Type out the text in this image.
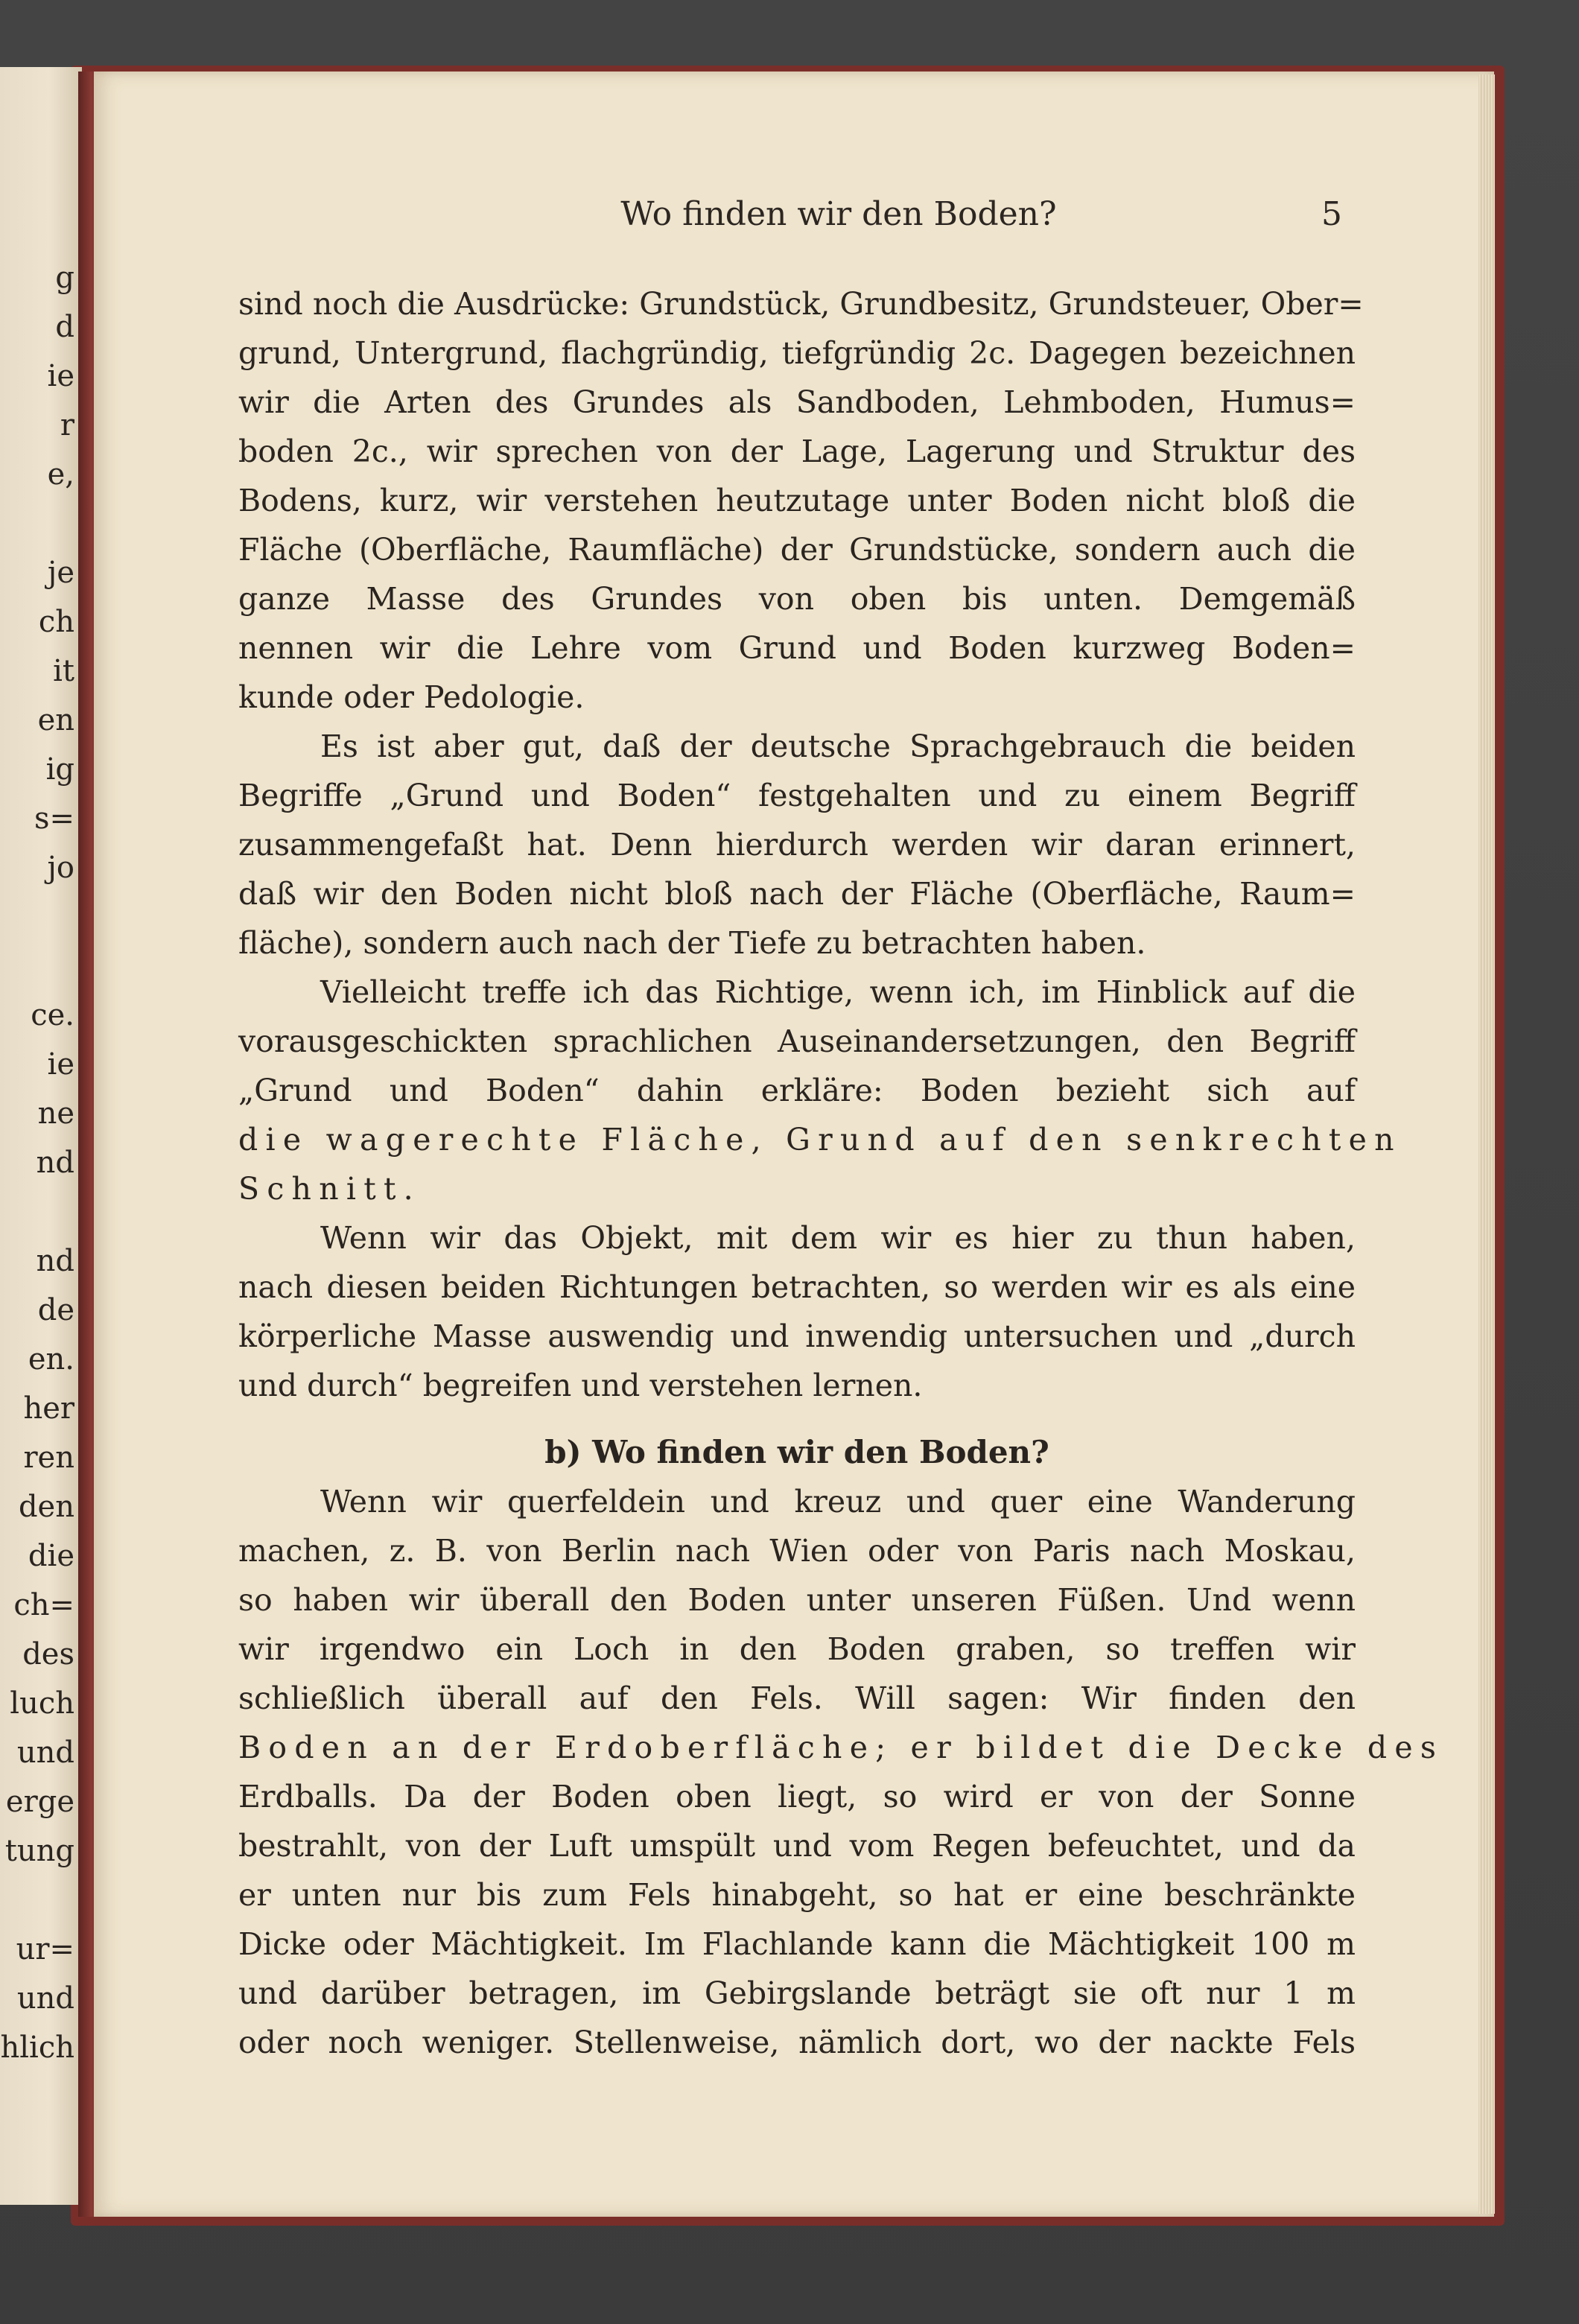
g
d
ie
r
e,
je
ch
it
en
ig
s=
jo
ce.
ie
ne
nd
nd
de
en.
her
ren
den
die
ch=
des
luch
und
erge
tung
ur=
und
hlich
Wo finden wir den Boden?	5
sind noch die Ausdrücke: Grundstück, Grundbesitz, Grundsteuer, Ober=
grund, Untergrund, flachgründig, tiefgründig 2c. Dagegen bezeichnen
wir die Arten des Grundes als Sandboden, Lehmboden, Humus=
boden 2c., wir sprechen von der Lage, Lagerung und Struktur des
Bodens, kurz, wir verstehen heutzutage unter Boden nicht bloß die
Fläche (Oberfläche, Raumfläche) der Grundstücke, sondern auch die
ganze Masse des Grundes von oben bis unten. Demgemäß
nennen wir die Lehre vom Grund und Boden kurzweg Boden=
kunde oder Pedologie.
Es ist aber gut, daß der deutsche Sprachgebrauch die beiden
Begriffe „Grund und Boden“ festgehalten und zu einem Begriff
zusammengefaßt hat. Denn hierdurch werden wir daran erinnert,
daß wir den Boden nicht bloß nach der Fläche (Oberfläche, Raum=
fläche), sondern auch nach der Tiefe zu betrachten haben.
Vielleicht treffe ich das Richtige, wenn ich, im Hinblick auf die
vorausgeschickten sprachlichen Auseinandersetzungen, den Begriff
„Grund und Boden“ dahin erkläre: Boden bezieht sich auf
die wagerechte Fläche, Grund auf den senkrechten
Schnitt.
Wenn wir das Objekt, mit dem wir es hier zu thun haben,
nach diesen beiden Richtungen betrachten, so werden wir es als eine
körperliche Masse auswendig und inwendig untersuchen und „durch
und durch“ begreifen und verstehen lernen.
b) Wo finden wir den Boden?
Wenn wir querfeldein und kreuz und quer eine Wanderung
machen, z. B. von Berlin nach Wien oder von Paris nach Moskau,
so haben wir überall den Boden unter unseren Füßen. Und wenn
wir irgendwo ein Loch in den Boden graben, so treffen wir
schließlich überall auf den Fels. Will sagen: Wir finden den
Boden an der Erdoberfläche; er bildet die Decke des
Erdballs. Da der Boden oben liegt, so wird er von der Sonne
bestrahlt, von der Luft umspült und vom Regen befeuchtet, und da
er unten nur bis zum Fels hinabgeht, so hat er eine beschränkte
Dicke oder Mächtigkeit. Im Flachlande kann die Mächtigkeit 100 m
und darüber betragen, im Gebirgslande beträgt sie oft nur 1 m
oder noch weniger. Stellenweise, nämlich dort, wo der nackte Fels
